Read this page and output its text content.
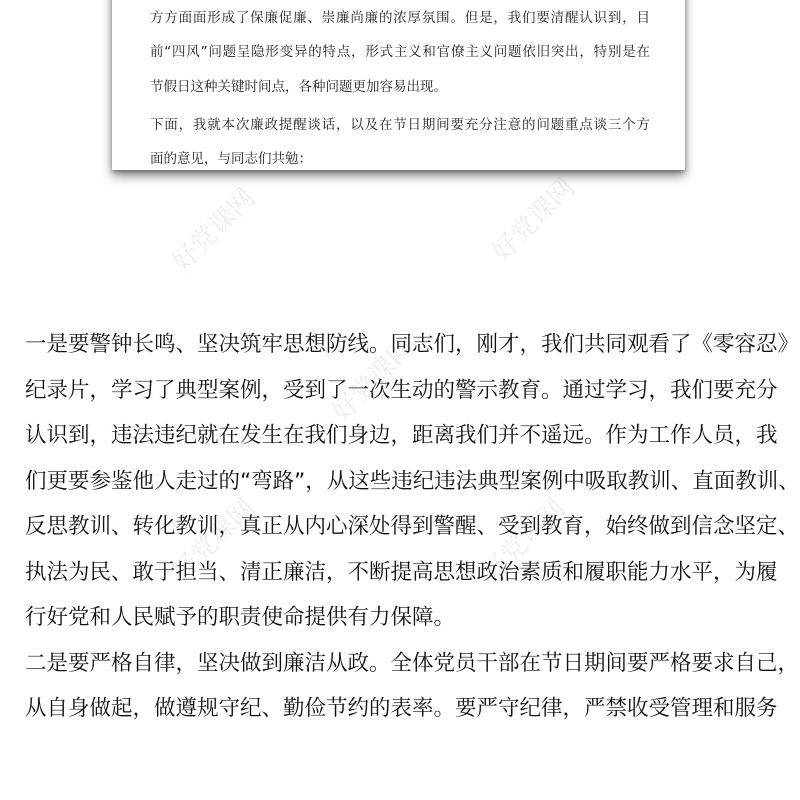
方方面面形成了保廉促廉、崇廉尚廉的浓厚氛围。但是，我们要清醒认识到，目
前“四风”问题呈隐形变异的特点，形式主义和官僚主义问题依旧突出，特别是在
节假日这种关键时间点，各种问题更加容易出现。
下面，我就本次廉政提醒谈话，以及在节日期间要充分注意的问题重点谈三个方
面的意见，与同志们共勉：
好党课网
好党课网
好党课网
好党课网	好党课网
一是要警钟长鸣、坚决筑牢思想防线。同志们，刚才，我们共同观看了《零容忍》
纪录片，学习了典型案例，受到了一次生动的警示教育。通过学习，我们要充分
认识到，违法违纪就在发生在我们身边，距离我们并不遥远。作为工作人员，我
们更要参鉴他人走过的“弯路”，从这些违纪违法典型案例中吸取教训、直面教训、
反思教训、转化教训，真正从内心深处得到警醒、受到教育，始终做到信念坚定、
执法为民、敢于担当、清正廉洁，不断提高思想政治素质和履职能力水平，为履
行好党和人民赋予的职责使命提供有力保障。
二是要严格自律，坚决做到廉洁从政。全体党员干部在节日期间要严格要求自己，
从自身做起，做遵规守纪、勤俭节约的表率。要严守纪律，严禁收受管理和服务
